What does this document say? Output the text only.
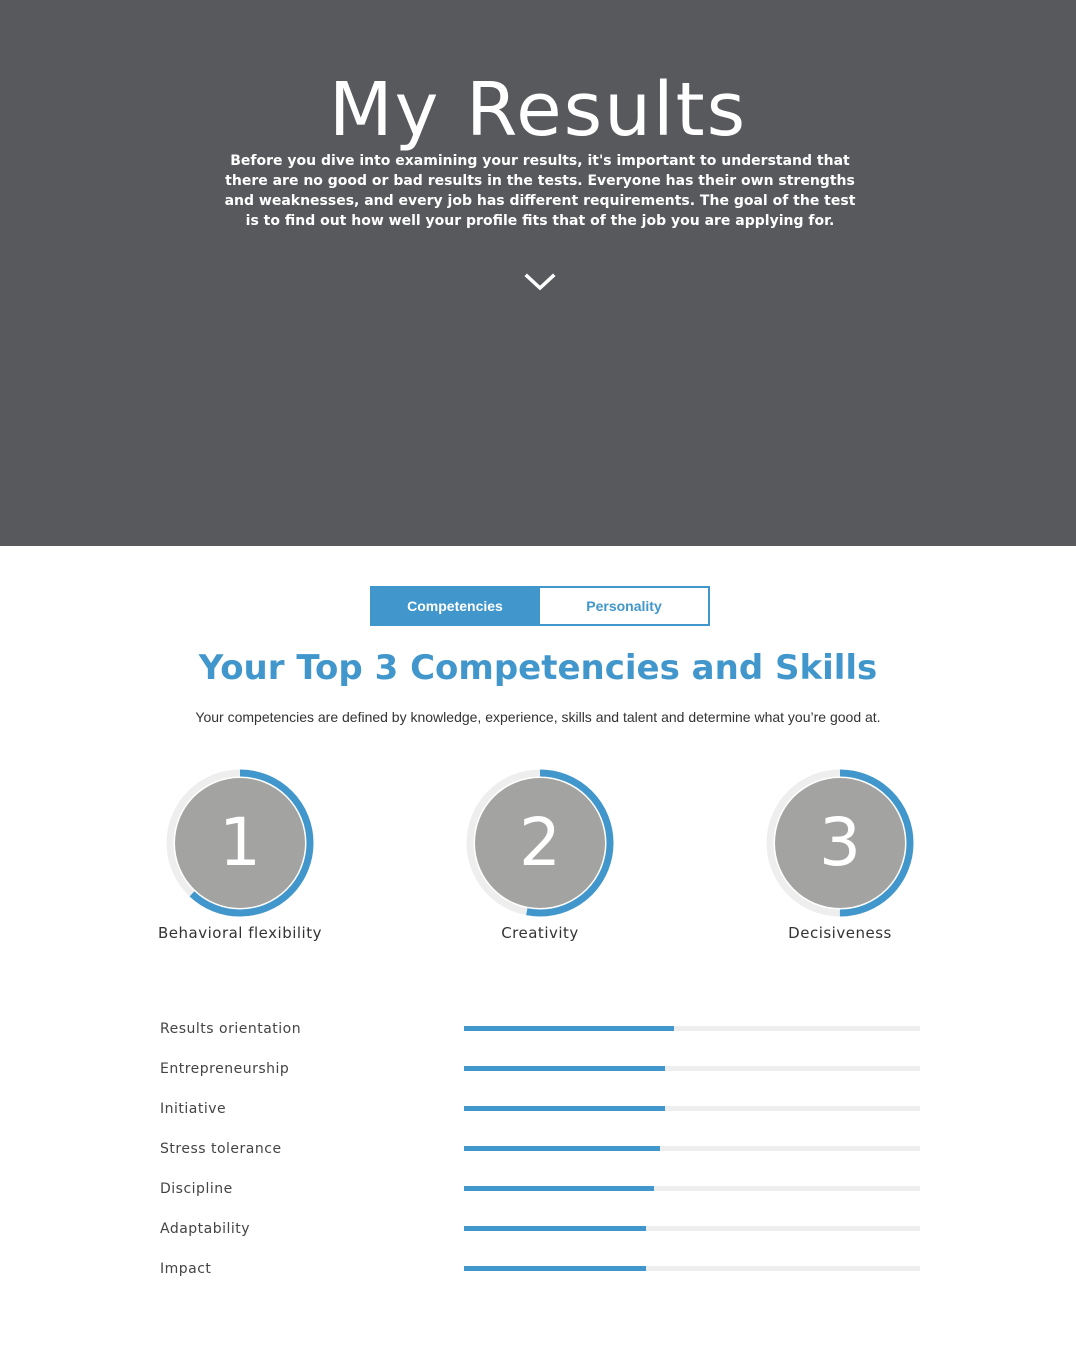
My Results

Before you dive into examining your results, it's important to understand that there are no good or bad results in the tests. Everyone has their own strengths and weaknesses, and every job has different requirements. The goal of the test is to find out how well your profile fits that of the job you are applying for.

Competencies	Personality
Your Top 3 Competencies and Skills

Your competencies are defined by knowledge, experience, skills and talent and determine what you’re good at.

1
Behavioral flexibility
2
Creativity
3
Decisiveness
Results orientation
Entrepreneurship
Initiative
Stress tolerance
Discipline
Adaptability
Impact
